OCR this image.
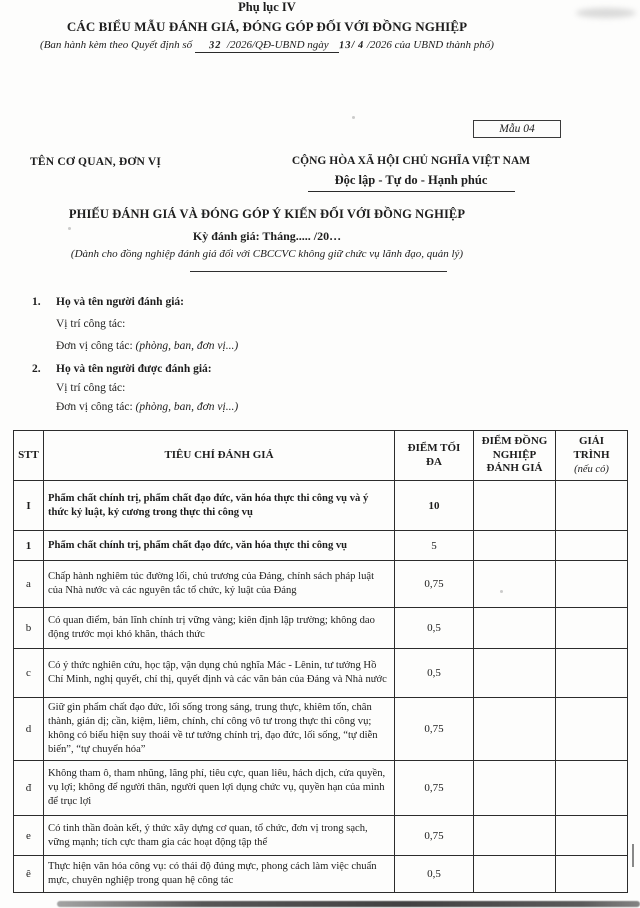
Phụ lục IV
CÁC BIỂU MẪU ĐÁNH GIÁ, ĐÓNG GÓP ĐỐI VỚI ĐỒNG NGHIỆP
(Ban hành kèm theo Quyết định số 32 /2026/QĐ-UBND ngày 13/ 4 /2026 của UBND thành phố)
Mẫu 04
TÊN CƠ QUAN, ĐƠN VỊ	CỘNG HÒA XÃ HỘI CHỦ NGHĨA VIỆT NAM
Độc lập - Tự do - Hạnh phúc
PHIẾU ĐÁNH GIÁ VÀ ĐÓNG GÓP Ý KIẾN ĐỐI VỚI ĐỒNG NGHIỆP
Kỳ đánh giá: Tháng..... /20…
(Dành cho đồng nghiệp đánh giá đối với CBCCVC không giữ chức vụ lãnh đạo, quản lý)
1. Họ và tên người đánh giá:
Vị trí công tác:
Đơn vị công tác: (phòng, ban, đơn vị...)
2. Họ và tên người được đánh giá:
Vị trí công tác:
Đơn vị công tác: (phòng, ban, đơn vị...)
STT	TIÊU CHÍ ĐÁNH GIÁ	ĐIỂM TỐI ĐA	ĐIỂM ĐỒNG NGHIỆP ĐÁNH GIÁ	GIẢI TRÌNH
(nếu có)

I	Phẩm chất chính trị, phẩm chất đạo đức, văn hóa thực thi công vụ và ý thức kỷ luật, kỷ cương trong thực thi công vụ	10		
1	Phẩm chất chính trị, phẩm chất đạo đức, văn hóa thực thi công vụ	5		
a	Chấp hành nghiêm túc đường lối, chủ trương của Đảng, chính sách pháp luật của Nhà nước và các nguyên tắc tổ chức, kỷ luật của Đảng	0,75		
b	Có quan điểm, bản lĩnh chính trị vững vàng; kiên định lập trường; không dao động trước mọi khó khăn, thách thức	0,5		
c	Có ý thức nghiên cứu, học tập, vận dụng chủ nghĩa Mác - Lênin, tư tưởng Hồ Chí Minh, nghị quyết, chỉ thị, quyết định và các văn bản của Đảng và Nhà nước	0,5		
d	Giữ gìn phẩm chất đạo đức, lối sống trong sáng, trung thực, khiêm tốn, chân thành, giản dị; cần, kiệm, liêm, chính, chí công vô tư trong thực thi công vụ; không có biểu hiện suy thoái về tư tưởng chính trị, đạo đức, lối sống, “tự diễn biến”, “tự chuyển hóa”	0,75		
đ	Không tham ô, tham nhũng, lãng phí, tiêu cực, quan liêu, hách dịch, cửa quyền, vụ lợi; không để người thân, người quen lợi dụng chức vụ, quyền hạn của mình để trục lợi	0,75		
e	Có tinh thần đoàn kết, ý thức xây dựng cơ quan, tổ chức, đơn vị trong sạch, vững mạnh; tích cực tham gia các hoạt động tập thể	0,75		
ê	Thực hiện văn hóa công vụ: có thái độ đúng mực, phong cách làm việc chuẩn mực, chuyên nghiệp trong quan hệ công tác	0,5		
